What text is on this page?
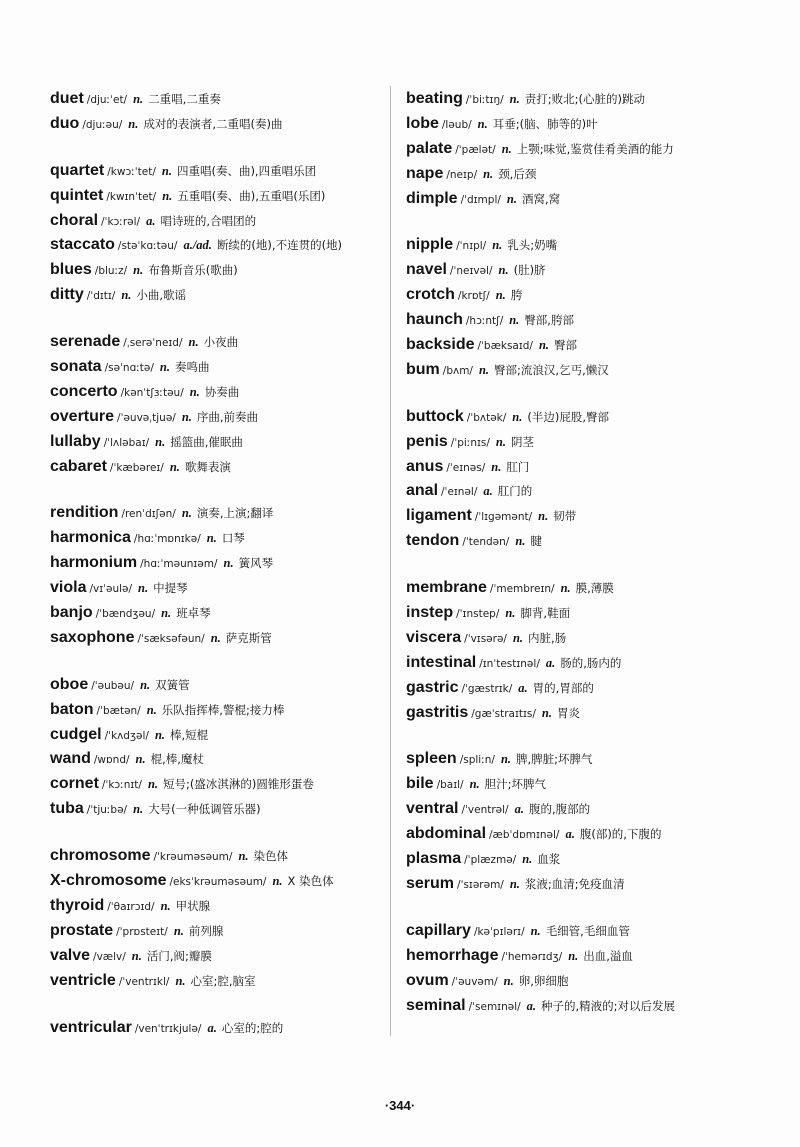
duet /djuːˈet/ n. 二重唱,二重奏
duo /djuːəu/ n. 成对的表演者,二重唱(奏)曲
quartet /kwɔːˈtet/ n. 四重唱(奏、曲),四重唱乐团
quintet /kwɪnˈtet/ n. 五重唱(奏、曲),五重唱(乐团)
choral /ˈkɔːrəl/ a. 唱诗班的,合唱团的
staccato /stəˈkɑːtəu/ a./ad. 断续的(地),不连贯的(地)
blues /bluːz/ n. 布鲁斯音乐(歌曲)
ditty /ˈdɪtɪ/ n. 小曲,歌谣
serenade /ˌserəˈneɪd/ n. 小夜曲
sonata /səˈnɑːtə/ n. 奏鸣曲
concerto /kənˈtʃɜːtəu/ n. 协奏曲
overture /ˈəuvəˌtjuə/ n. 序曲,前奏曲
lullaby /ˈlʌləbaɪ/ n. 摇篮曲,催眠曲
cabaret /ˈkæbəreɪ/ n. 歌舞表演
rendition /renˈdɪʃən/ n. 演奏,上演;翻译
harmonica /hɑːˈmɒnɪkə/ n. 口琴
harmonium /hɑːˈməunɪəm/ n. 簧风琴
viola /vɪˈəulə/ n. 中提琴
banjo /ˈbændʒəu/ n. 班卓琴
saxophone /ˈsæksəfəun/ n. 萨克斯管
oboe /ˈəubəu/ n. 双簧管
baton /ˈbætən/ n. 乐队指挥棒,警棍;接力棒
cudgel /ˈkʌdʒəl/ n. 棒,短棍
wand /wɒnd/ n. 棍,棒,魔杖
cornet /ˈkɔːnɪt/ n. 短号;(盛冰淇淋的)圆锥形蛋卷
tuba /ˈtjuːbə/ n. 大号(一种低调管乐器)
chromosome /ˈkrəuməsəum/ n. 染色体
X-chromosome /eksˈkrəuməsəum/ n. X 染色体
thyroid /ˈθaɪrɔɪd/ n. 甲状腺
prostate /ˈprɒsteɪt/ n. 前列腺
valve /vælv/ n. 活门,阀;瓣膜
ventricle /ˈventrɪkl/ n. 心室;腔,脑室
ventricular /venˈtrɪkjulə/ a. 心室的;腔的
beating /ˈbiːtɪŋ/ n. 责打;败北;(心脏的)跳动
lobe /ləub/ n. 耳垂;(脑、肺等的)叶
palate /ˈpælət/ n. 上颚;味觉,鉴赏佳肴美酒的能力
nape /neɪp/ n. 颈,后颈
dimple /ˈdɪmpl/ n. 酒窝,窝
nipple /ˈnɪpl/ n. 乳头;奶嘴
navel /ˈneɪvəl/ n. (肚)脐
crotch /krɒtʃ/ n. 胯
haunch /hɔːntʃ/ n. 臀部,胯部
backside /ˈbæksaɪd/ n. 臀部
bum /bʌm/ n. 臀部;流浪汉,乞丐,懒汉
buttock /ˈbʌtək/ n. (半边)屁股,臀部
penis /ˈpiːnɪs/ n. 阴茎
anus /ˈeɪnəs/ n. 肛门
anal /ˈeɪnəl/ a. 肛门的
ligament /ˈlɪgəmənt/ n. 韧带
tendon /ˈtendən/ n. 腱
membrane /ˈmembreɪn/ n. 膜,薄膜
instep /ˈɪnstep/ n. 脚背,鞋面
viscera /ˈvɪsərə/ n. 内脏,肠
intestinal /ɪnˈtestɪnəl/ a. 肠的,肠内的
gastric /ˈgæstrɪk/ a. 胃的,胃部的
gastritis /gæˈstraɪtɪs/ n. 胃炎
spleen /spliːn/ n. 脾,脾脏;坏脾气
bile /baɪl/ n. 胆汁;坏脾气
ventral /ˈventrəl/ a. 腹的,腹部的
abdominal /æbˈdɒmɪnəl/ a. 腹(部)的,下腹的
plasma /ˈplæzmə/ n. 血浆
serum /ˈsɪərəm/ n. 浆液;血清;免疫血清
capillary /kəˈpɪlərɪ/ n. 毛细管,毛细血管
hemorrhage /ˈhemərɪdʒ/ n. 出血,溢血
ovum /ˈəuvəm/ n. 卵,卵细胞
seminal /ˈsemɪnəl/ a. 种子的,精液的;对以后发展
·344·
